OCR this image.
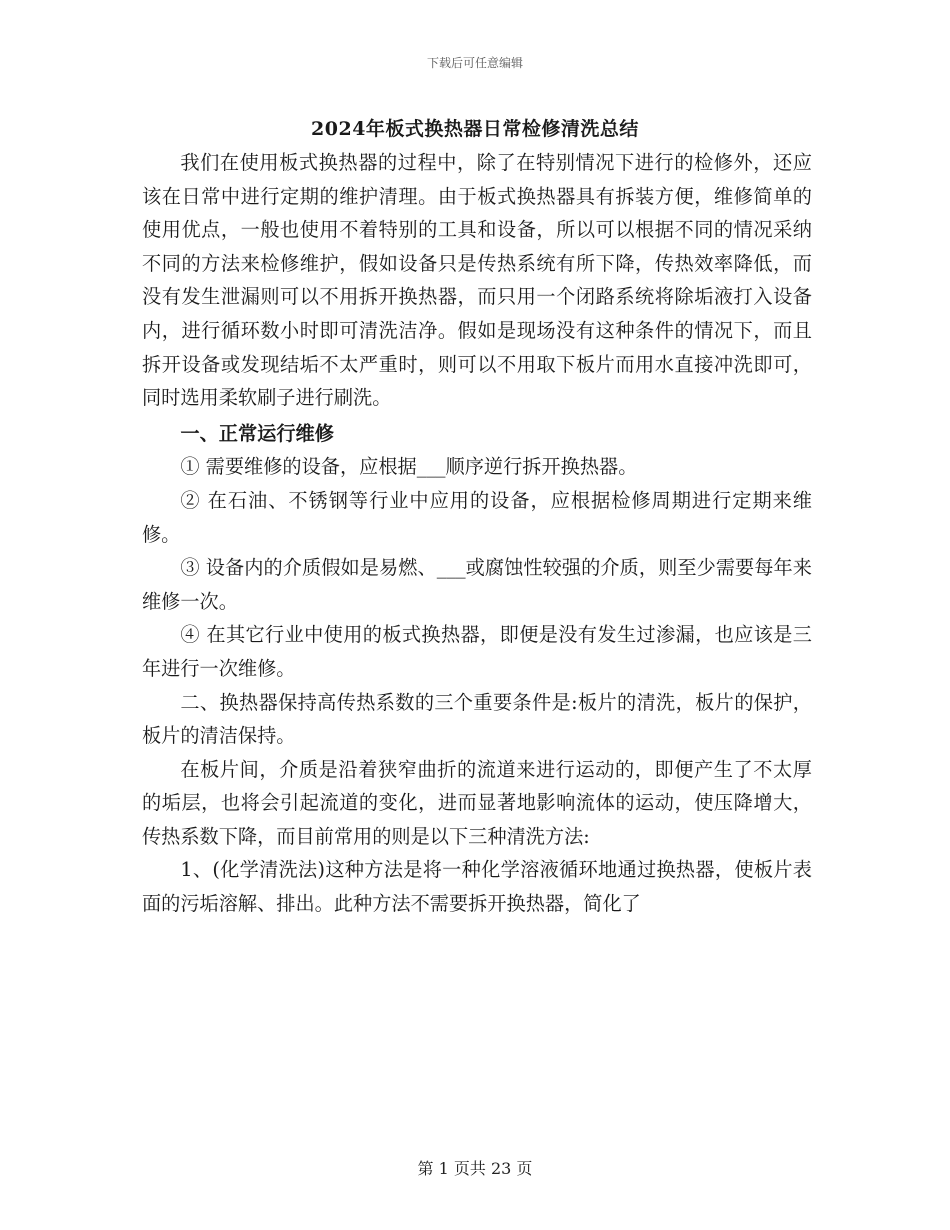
下载后可任意编辑
2024年板式换热器日常检修清洗总结

我们在使用板式换热器的过程中，除了在特别情况下进行的检修外，还应该在日常中进行定期的维护清理。由于板式换热器具有拆装方便，维修简单的使用优点，一般也使用不着特别的工具和设备，所以可以根据不同的情况采纳不同的方法来检修维护，假如设备只是传热系统有所下降，传热效率降低，而没有发生泄漏则可以不用拆开换热器，而只用一个闭路系统将除垢液打入设备内，进行循环数小时即可清洗洁净。假如是现场没有这种条件的情况下，而且拆开设备或发现结垢不太严重时，则可以不用取下板片而用水直接冲洗即可，同时选用柔软刷子进行刷洗。

一、正常运行维修

① 需要维修的设备，应根据___顺序逆行拆开换热器。

② 在石油、不锈钢等行业中应用的设备，应根据检修周期进行定期来维修。

③ 设备内的介质假如是易燃、___或腐蚀性较强的介质，则至少需要每年来维修一次。

④ 在其它行业中使用的板式换热器，即便是没有发生过渗漏，也应该是三年进行一次维修。

二、换热器保持高传热系数的三个重要条件是:板片的清洗，板片的保护，板片的清洁保持。

在板片间，介质是沿着狭窄曲折的流道来进行运动的，即便产生了不太厚的垢层，也将会引起流道的变化，进而显著地影响流体的运动，使压降增大，传热系数下降，而目前常用的则是以下三种清洗方法:

1、(化学清洗法)这种方法是将一种化学溶液循环地通过换热器，使板片表面的污垢溶解、排出。此种方法不需要拆开换热器，简化了

第 1 页共 23 页
